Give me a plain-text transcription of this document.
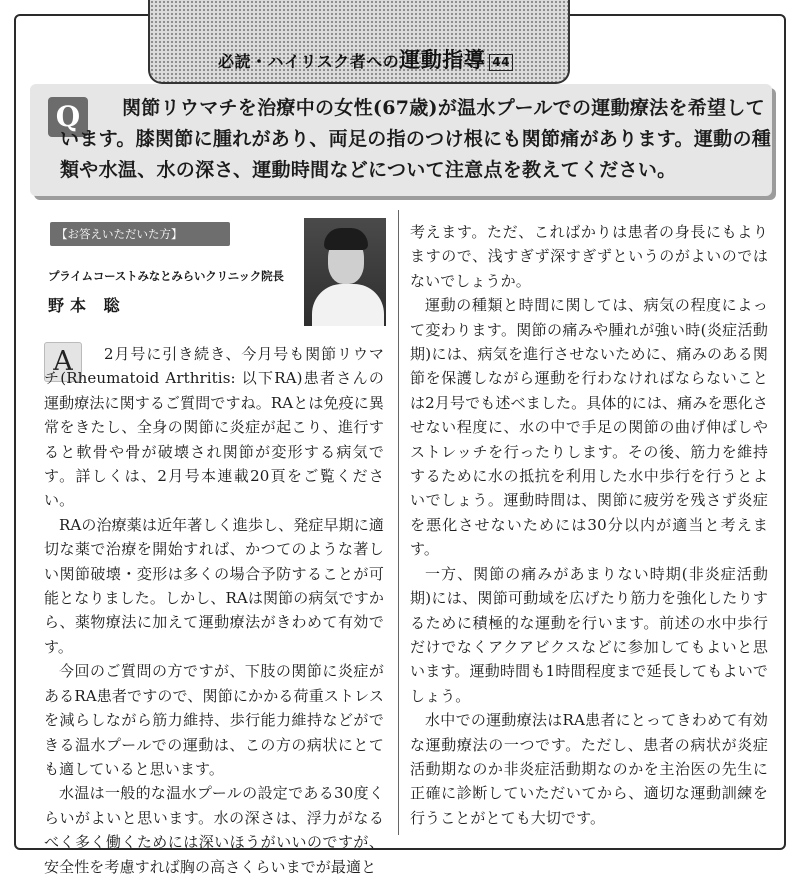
必読・ハイリスク者への運動指導 44
Q	関節リウマチを治療中の女性(67歳)が温水プールでの運動療法を希望しています。膝関節に腫れがあり、両足の指のつけ根にも関節痛があります。運動の種類や水温、水の深さ、運動時間などについて注意点を教えてください。

【お答えいただいた方】
プライムコーストみなとみらいクリニック院長
野本 聡
A	2月号に引き続き、今月号も関節リウマチ(Rheumatoid Arthritis: 以下RA)患者さんの運動療法に関するご質問ですね。RAとは免疫に異常をきたし、全身の関節に炎症が起こり、進行すると軟骨や骨が破壊され関節が変形する病気です。詳しくは、2月号本連載20頁をご覧ください。

RAの治療薬は近年著しく進歩し、発症早期に適切な薬で治療を開始すれば、かつてのような著しい関節破壊・変形は多くの場合予防することが可能となりました。しかし、RAは関節の病気ですから、薬物療法に加えて運動療法がきわめて有効です。

今回のご質問の方ですが、下肢の関節に炎症があるRA患者ですので、関節にかかる荷重ストレスを減らしながら筋力維持、歩行能力維持などができる温水プールでの運動は、この方の病状にとても適していると思います。

水温は一般的な温水プールの設定である30度くらいがよいと思います。水の深さは、浮力がなるべく多く働くためには深いほうがいいのですが、安全性を考慮すれば胸の高さくらいまでが最適と

考えます。ただ、こればかりは患者の身長にもよりますので、浅すぎず深すぎずというのがよいのではないでしょうか。

運動の種類と時間に関しては、病気の程度によって変わります。関節の痛みや腫れが強い時(炎症活動期)には、病気を進行させないために、痛みのある関節を保護しながら運動を行わなければならないことは2月号でも述べました。具体的には、痛みを悪化させない程度に、水の中で手足の関節の曲げ伸ばしやストレッチを行ったりします。その後、筋力を維持するために水の抵抗を利用した水中歩行を行うとよいでしょう。運動時間は、関節に疲労を残さず炎症を悪化させないためには30分以内が適当と考えます。

一方、関節の痛みがあまりない時期(非炎症活動期)には、関節可動域を広げたり筋力を強化したりするために積極的な運動を行います。前述の水中歩行だけでなくアクアビクスなどに参加してもよいと思います。運動時間も1時間程度まで延長してもよいでしょう。

水中での運動療法はRA患者にとってきわめて有効な運動療法の一つです。ただし、患者の病状が炎症活動期なのか非炎症活動期なのかを主治医の先生に正確に診断していただいてから、適切な運動訓練を行うことがとても大切です。
